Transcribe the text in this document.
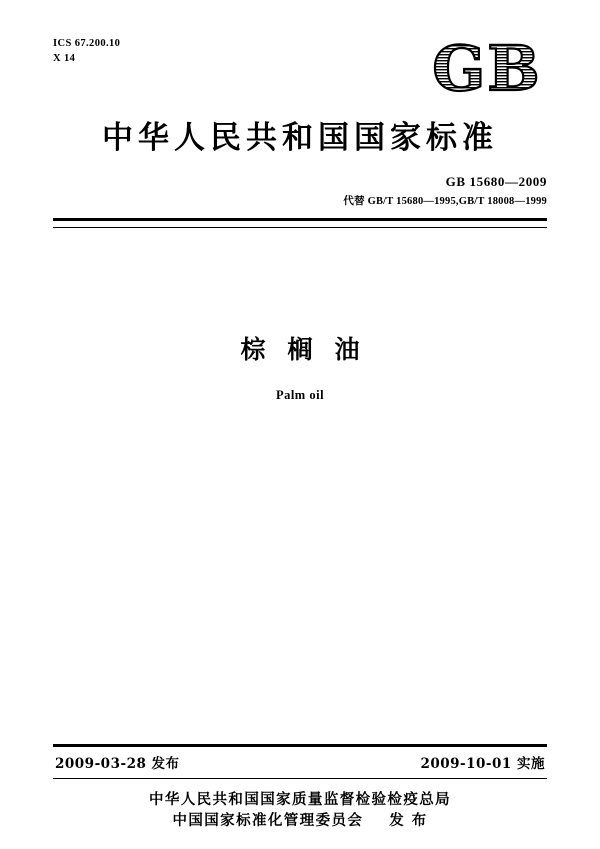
ICS 67.200.10
X 14	GB
中华人民共和国国家标准
GB 15680—2009
代替 GB/T 15680—1995,GB/T 18008—1999
棕榈油
Palm oil
2009-03-28 发布	2009-10-01 实施
中华人民共和国国家质量监督检验检疫总局
中国国家标准化管理委员会 发 布
